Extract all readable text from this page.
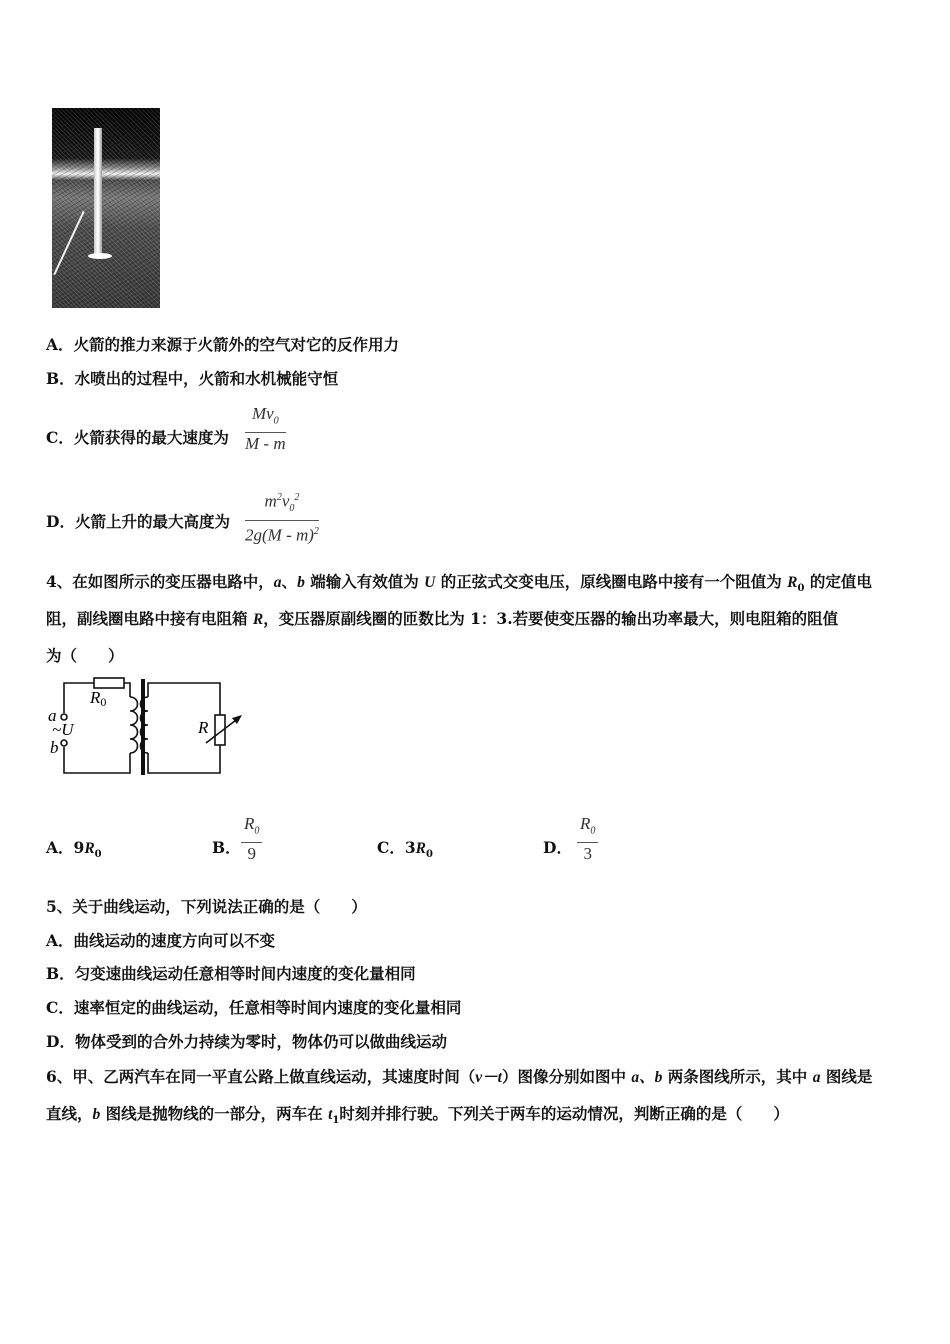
A．火箭的推力来源于火箭外的空气对它的反作用力
B．水喷出的过程中，火箭和水机械能守恒
C．火箭获得的最大速度为 $\frac{Mv_0}{M - m}$
D．火箭上升的最大高度为 $\frac{m^2v_0^2}{2g(M - m)^2}$
4、在如图所示的变压器电路中，a、b 端输入有效值为 U 的正弦式交变电压，原线圈电路中接有一个阻值为 $R_0$ 的定值电
阻，副线圈电路中接有电阻箱 R，变压器原副线圈的匝数比为 1：3.若要使变压器的输出功率最大，则电阻箱的阻值
为（　　）
R0
a
~U
b
R
A．$9R_0$	B． $\frac{R_0}{9}$	C．$3R_0$	D． $\frac{R_0}{3}$
5、关于曲线运动，下列说法正确的是（　　）
A．曲线运动的速度方向可以不变
B．匀变速曲线运动任意相等时间内速度的变化量相同
C．速率恒定的曲线运动，任意相等时间内速度的变化量相同
D．物体受到的合外力持续为零时，物体仍可以做曲线运动
6、甲、乙两汽车在同一平直公路上做直线运动，其速度时间（v－t）图像分别如图中 a、b 两条图线所示，其中 a 图线是
直线，b 图线是抛物线的一部分，两车在 $t_1$时刻并排行驶。下列关于两车的运动情况，判断正确的是（　　）
